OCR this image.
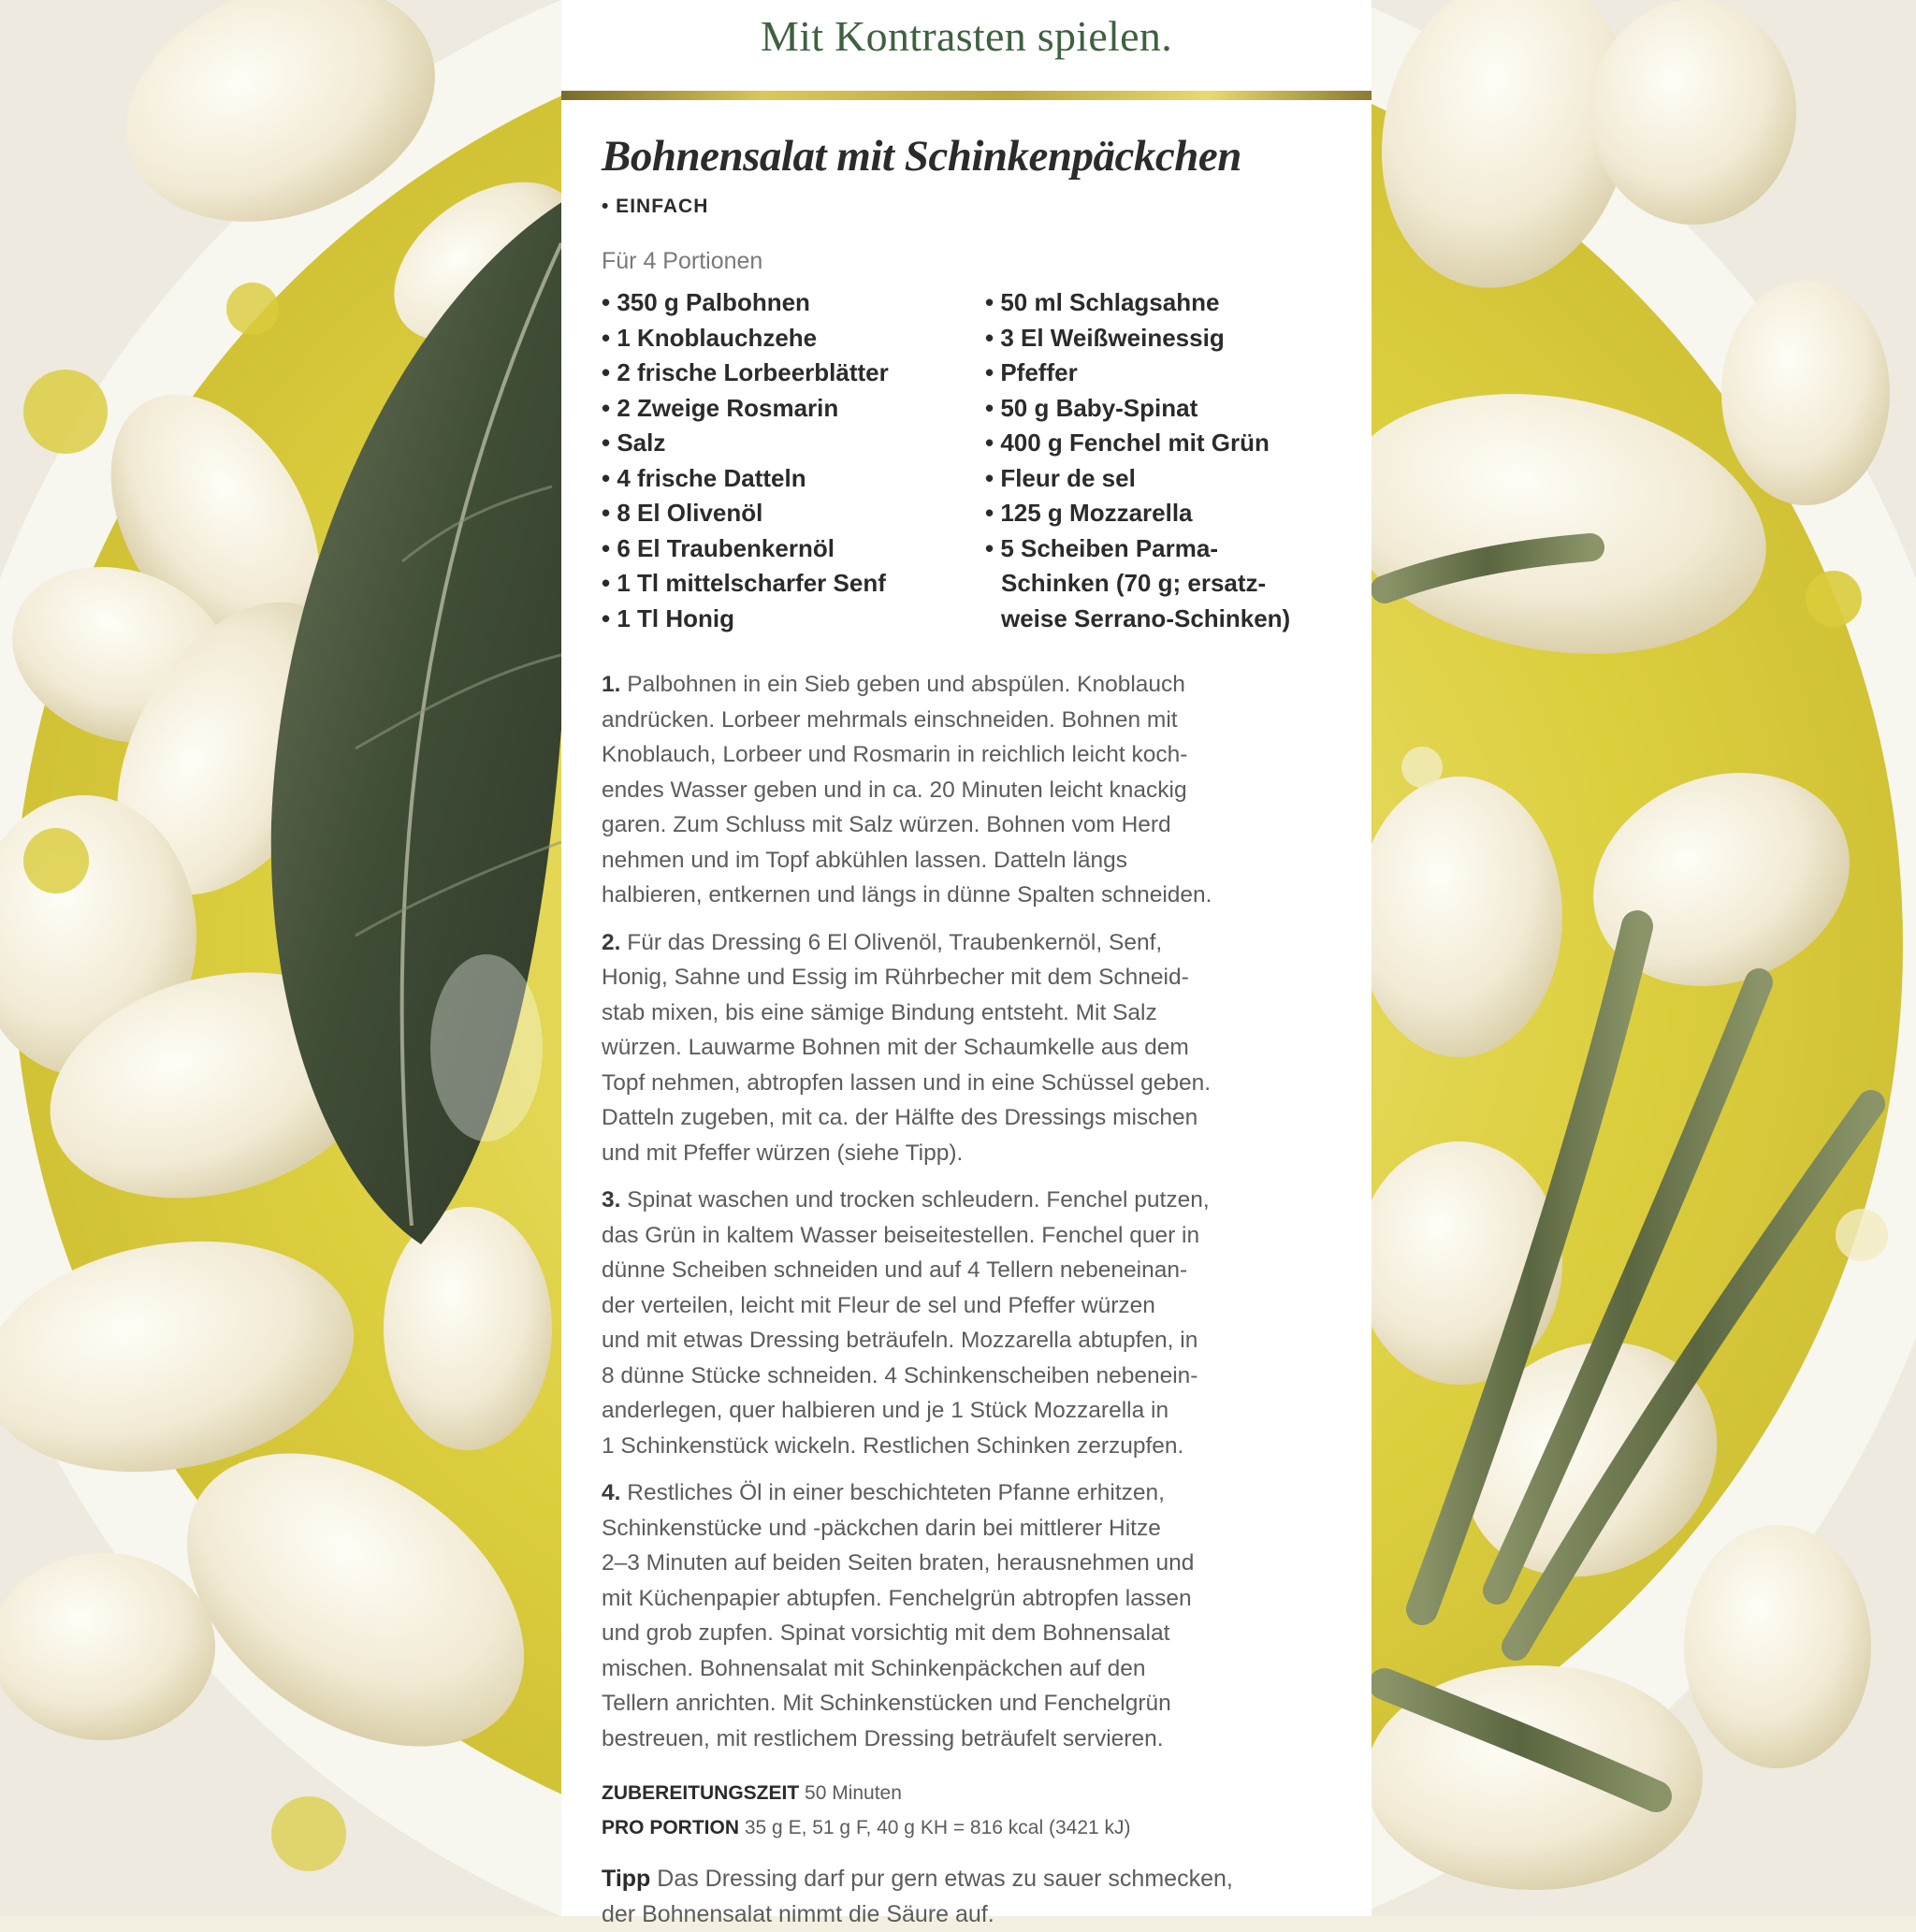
Mit Kontrasten spielen.
Bohnensalat mit Schinkenpäckchen
• EINFACH
Für 4 Portionen
• 350 g Palbohnen
• 1 Knoblauchzehe
• 2 frische Lorbeerblätter
• 2 Zweige Rosmarin
• Salz
• 4 frische Datteln
• 8 El Olivenöl
• 6 El Traubenkernöl
• 1 Tl mittelscharfer Senf
• 1 Tl Honig
• 50 ml Schlagsahne
• 3 El Weißweinessig
• Pfeffer
• 50 g Baby-Spinat
• 400 g Fenchel mit Grün
• Fleur de sel
• 125 g Mozzarella
• 5 Scheiben Parma-
Schinken (70 g; ersatz-
weise Serrano-Schinken)
1. Palbohnen in ein Sieb geben und abspülen. Knoblauch
andrücken. Lorbeer mehrmals einschneiden. Bohnen mit
Knoblauch, Lorbeer und Rosmarin in reichlich leicht koch-
endes Wasser geben und in ca. 20 Minuten leicht knackig
garen. Zum Schluss mit Salz würzen. Bohnen vom Herd
nehmen und im Topf abkühlen lassen. Datteln längs
halbieren, entkernen und längs in dünne Spalten schneiden.
2. Für das Dressing 6 El Olivenöl, Traubenkernöl, Senf,
Honig, Sahne und Essig im Rührbecher mit dem Schneid-
stab mixen, bis eine sämige Bindung entsteht. Mit Salz
würzen. Lauwarme Bohnen mit der Schaumkelle aus dem
Topf nehmen, abtropfen lassen und in eine Schüssel geben.
Datteln zugeben, mit ca. der Hälfte des Dressings mischen
und mit Pfeffer würzen (siehe Tipp).
3. Spinat waschen und trocken schleudern. Fenchel putzen,
das Grün in kaltem Wasser beiseitestellen. Fenchel quer in
dünne Scheiben schneiden und auf 4 Tellern nebeneinan-
der verteilen, leicht mit Fleur de sel und Pfeffer würzen
und mit etwas Dressing beträufeln. Mozzarella abtupfen, in
8 dünne Stücke schneiden. 4 Schinkenscheiben nebenein-
anderlegen, quer halbieren und je 1 Stück Mozzarella in
1 Schinkenstück wickeln. Restlichen Schinken zerzupfen.
4. Restliches Öl in einer beschichteten Pfanne erhitzen,
Schinkenstücke und -päckchen darin bei mittlerer Hitze
2–3 Minuten auf beiden Seiten braten, herausnehmen und
mit Küchenpapier abtupfen. Fenchelgrün abtropfen lassen
und grob zupfen. Spinat vorsichtig mit dem Bohnensalat
mischen. Bohnensalat mit Schinkenpäckchen auf den
Tellern anrichten. Mit Schinkenstücken und Fenchelgrün
bestreuen, mit restlichem Dressing beträufelt servieren.
ZUBEREITUNGSZEIT 50 Minuten
PRO PORTION 35 g E, 51 g F, 40 g KH = 816 kcal (3421 kJ)
Tipp Das Dressing darf pur gern etwas zu sauer schmecken,
der Bohnensalat nimmt die Säure auf.
